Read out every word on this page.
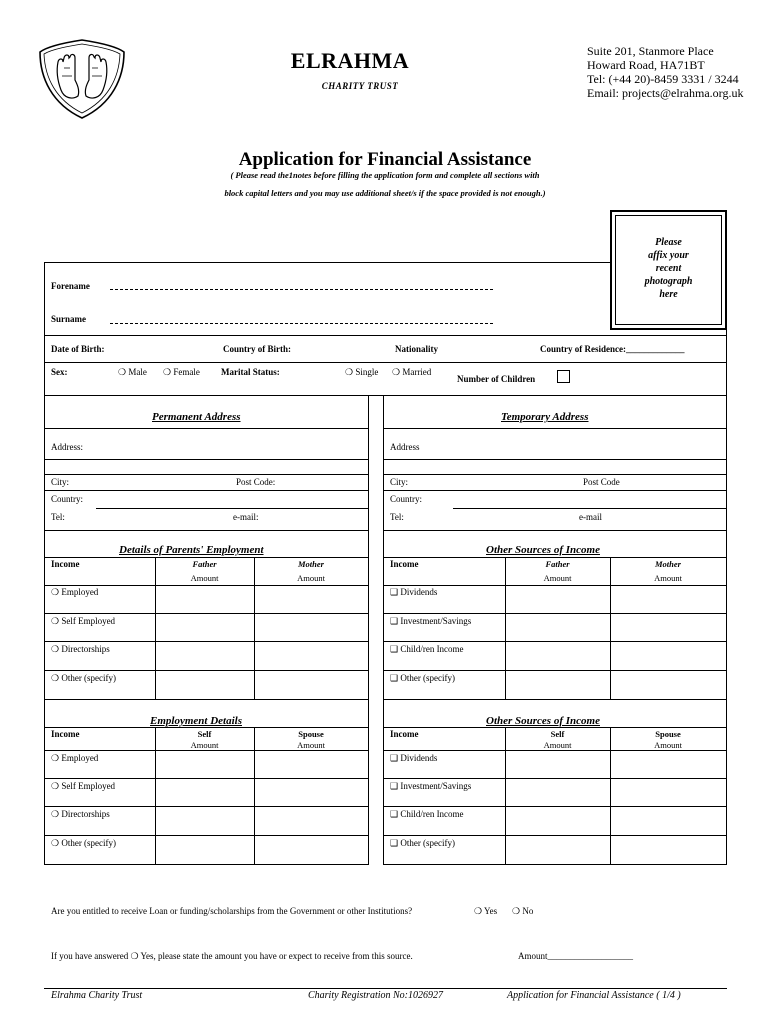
ELRAHMA
CHARITY TRUST
Suite 201, Stanmore Place
Howard Road, HA71BT
Tel: (+44 20)-8459 3331 / 3244
Email: projects@elrahma.org.uk
Application for Financial Assistance
( Please read the1notes before filling the application form and complete all sections with
block capital letters and you may use additional sheet/s if the space provided is not enough.)
Please
affix your
recent
photograph
here
Forename
Surname
Date of Birth:	Country of Birth:	Nationality	Country of Residence:_____________
Sex:	❍ Male ❍ Female Marital Status:	❍ Single ❍ Married
Number of Children
Permanent Address	Temporary Address
Address:	Address
City:	Post Code:	City:	Post Code
Country:	Country:
Tel:	e-mail:	Tel:	e-mail
Details of Parents' Employment
Income	Father	Mother
Amount	Amount
❍ Employed
❍ Self Employed
❍ Directorships
❍ Other (specify)
Other Sources of Income
Income	Father	Mother
Amount	Amount
❑ Dividends
❑ Investment/Savings
❑ Child/ren Income
❑ Other (specify)
Employment Details
Income	Self	Spouse
Amount	Amount
❍ Employed
❍ Self Employed
❍ Directorships
❍ Other (specify)
Other Sources of Income
Income	Self	Spouse
Amount	Amount
❑ Dividends
❑ Investment/Savings
❑ Child/ren Income
❑ Other (specify)
Are you entitled to receive Loan or funding/scholarships from the Government or other Institutions?	❍ Yes ❍ No
If you have answered ❍ Yes, please state the amount you have or expect to receive from this source.	Amount___________________
Elrahma Charity Trust	Charity Registration No:1026927	Application for Financial Assistance ( 1/4 )
